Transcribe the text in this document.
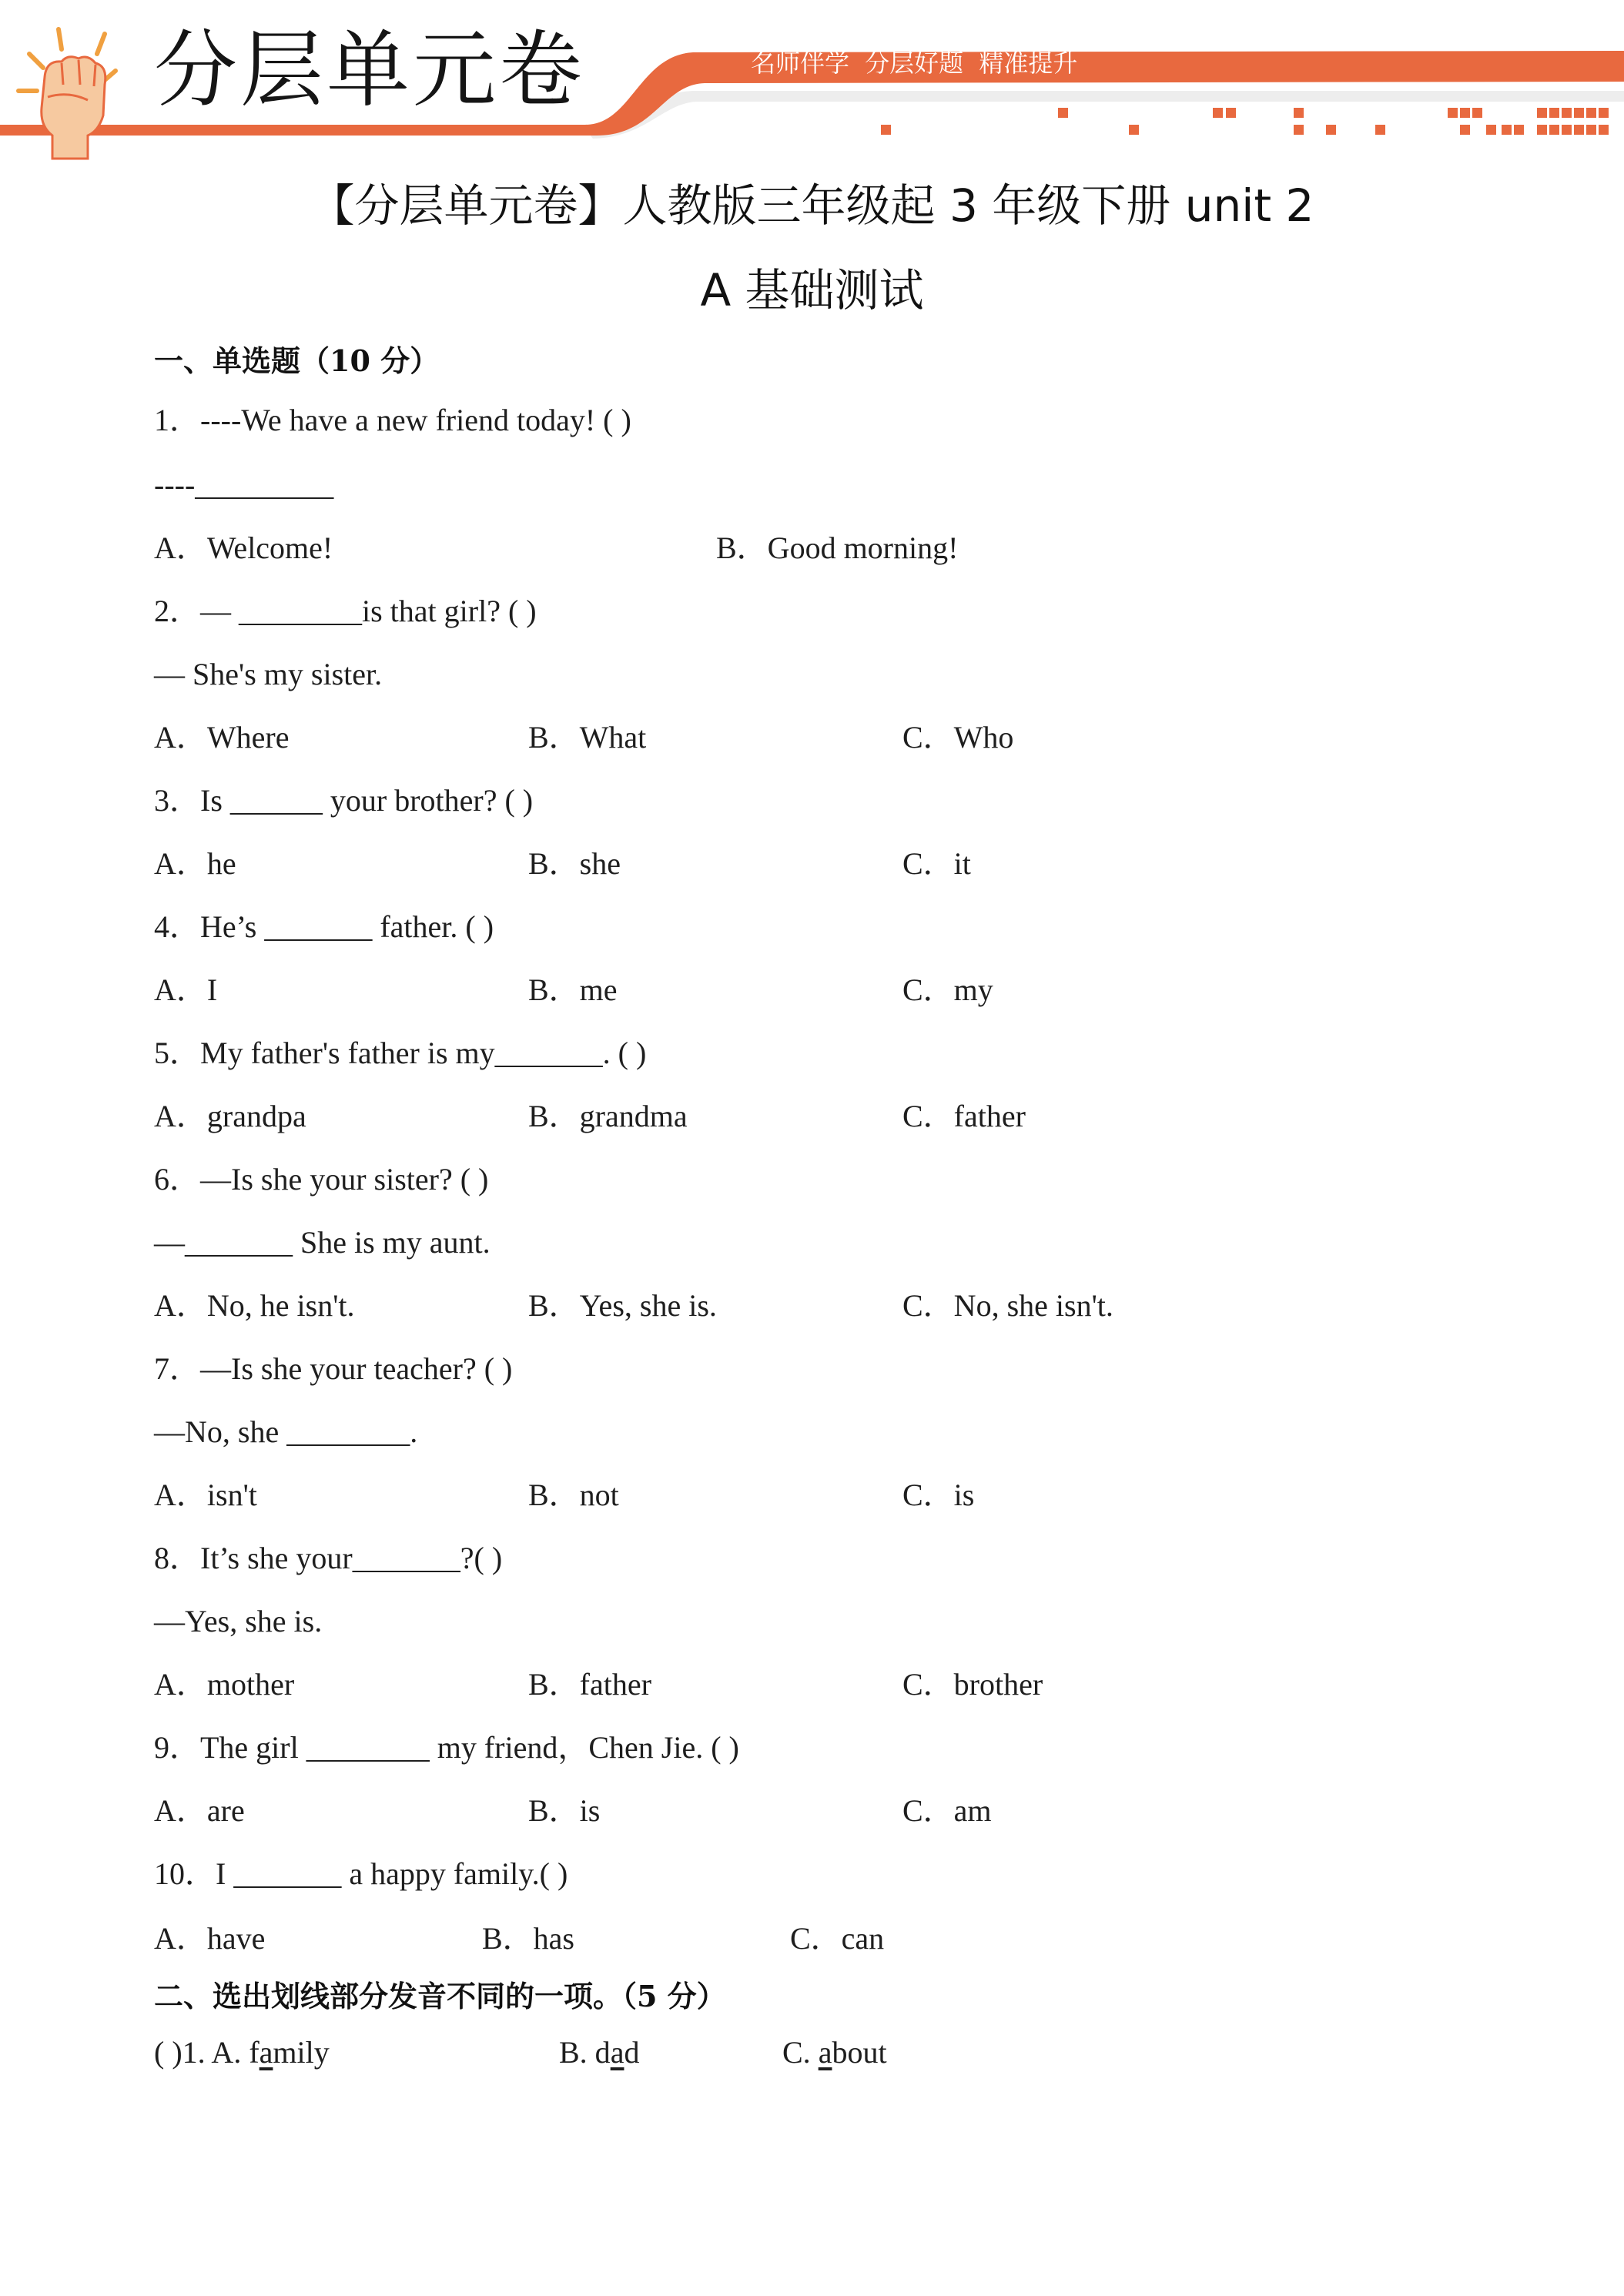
分层单元卷	名师伴学 分层好题 精准提升
【分层单元卷】人教版三年级起 3 年级下册 unit 2
A 基础测试
一、单选题（10 分）
1．----We have a new friend today! ( )
----_________
A．Welcome!	B．Good morning!
2．— ________is that girl? ( )
— She's my sister.
A．Where	B．What	C．Who
3．Is ______ your brother? ( )
A．he	B．she	C．it
4．He’s _______ father. ( )
A．I	B．me	C．my
5．My father's father is my_______. ( )
A．grandpa	B．grandma	C．father
6．—Is she your sister? ( )
—_______ She is my aunt.
A．No, he isn't.	B．Yes, she is.	C．No, she isn't.
7．—Is she your teacher? ( )
—No, she ________.
A．isn't	B．not	C．is
8．It’s she your_______?( )
—Yes, she is.
A．mother	B．father	C．brother
9．The girl ________ my friend，Chen Jie. ( )
A．are	B．is	C．am
10．I _______ a happy family.( )
A．have	B．has	C．can
二、选出划线部分发音不同的一项。（5 分）
( )1. A. family	B. dad	C. about
